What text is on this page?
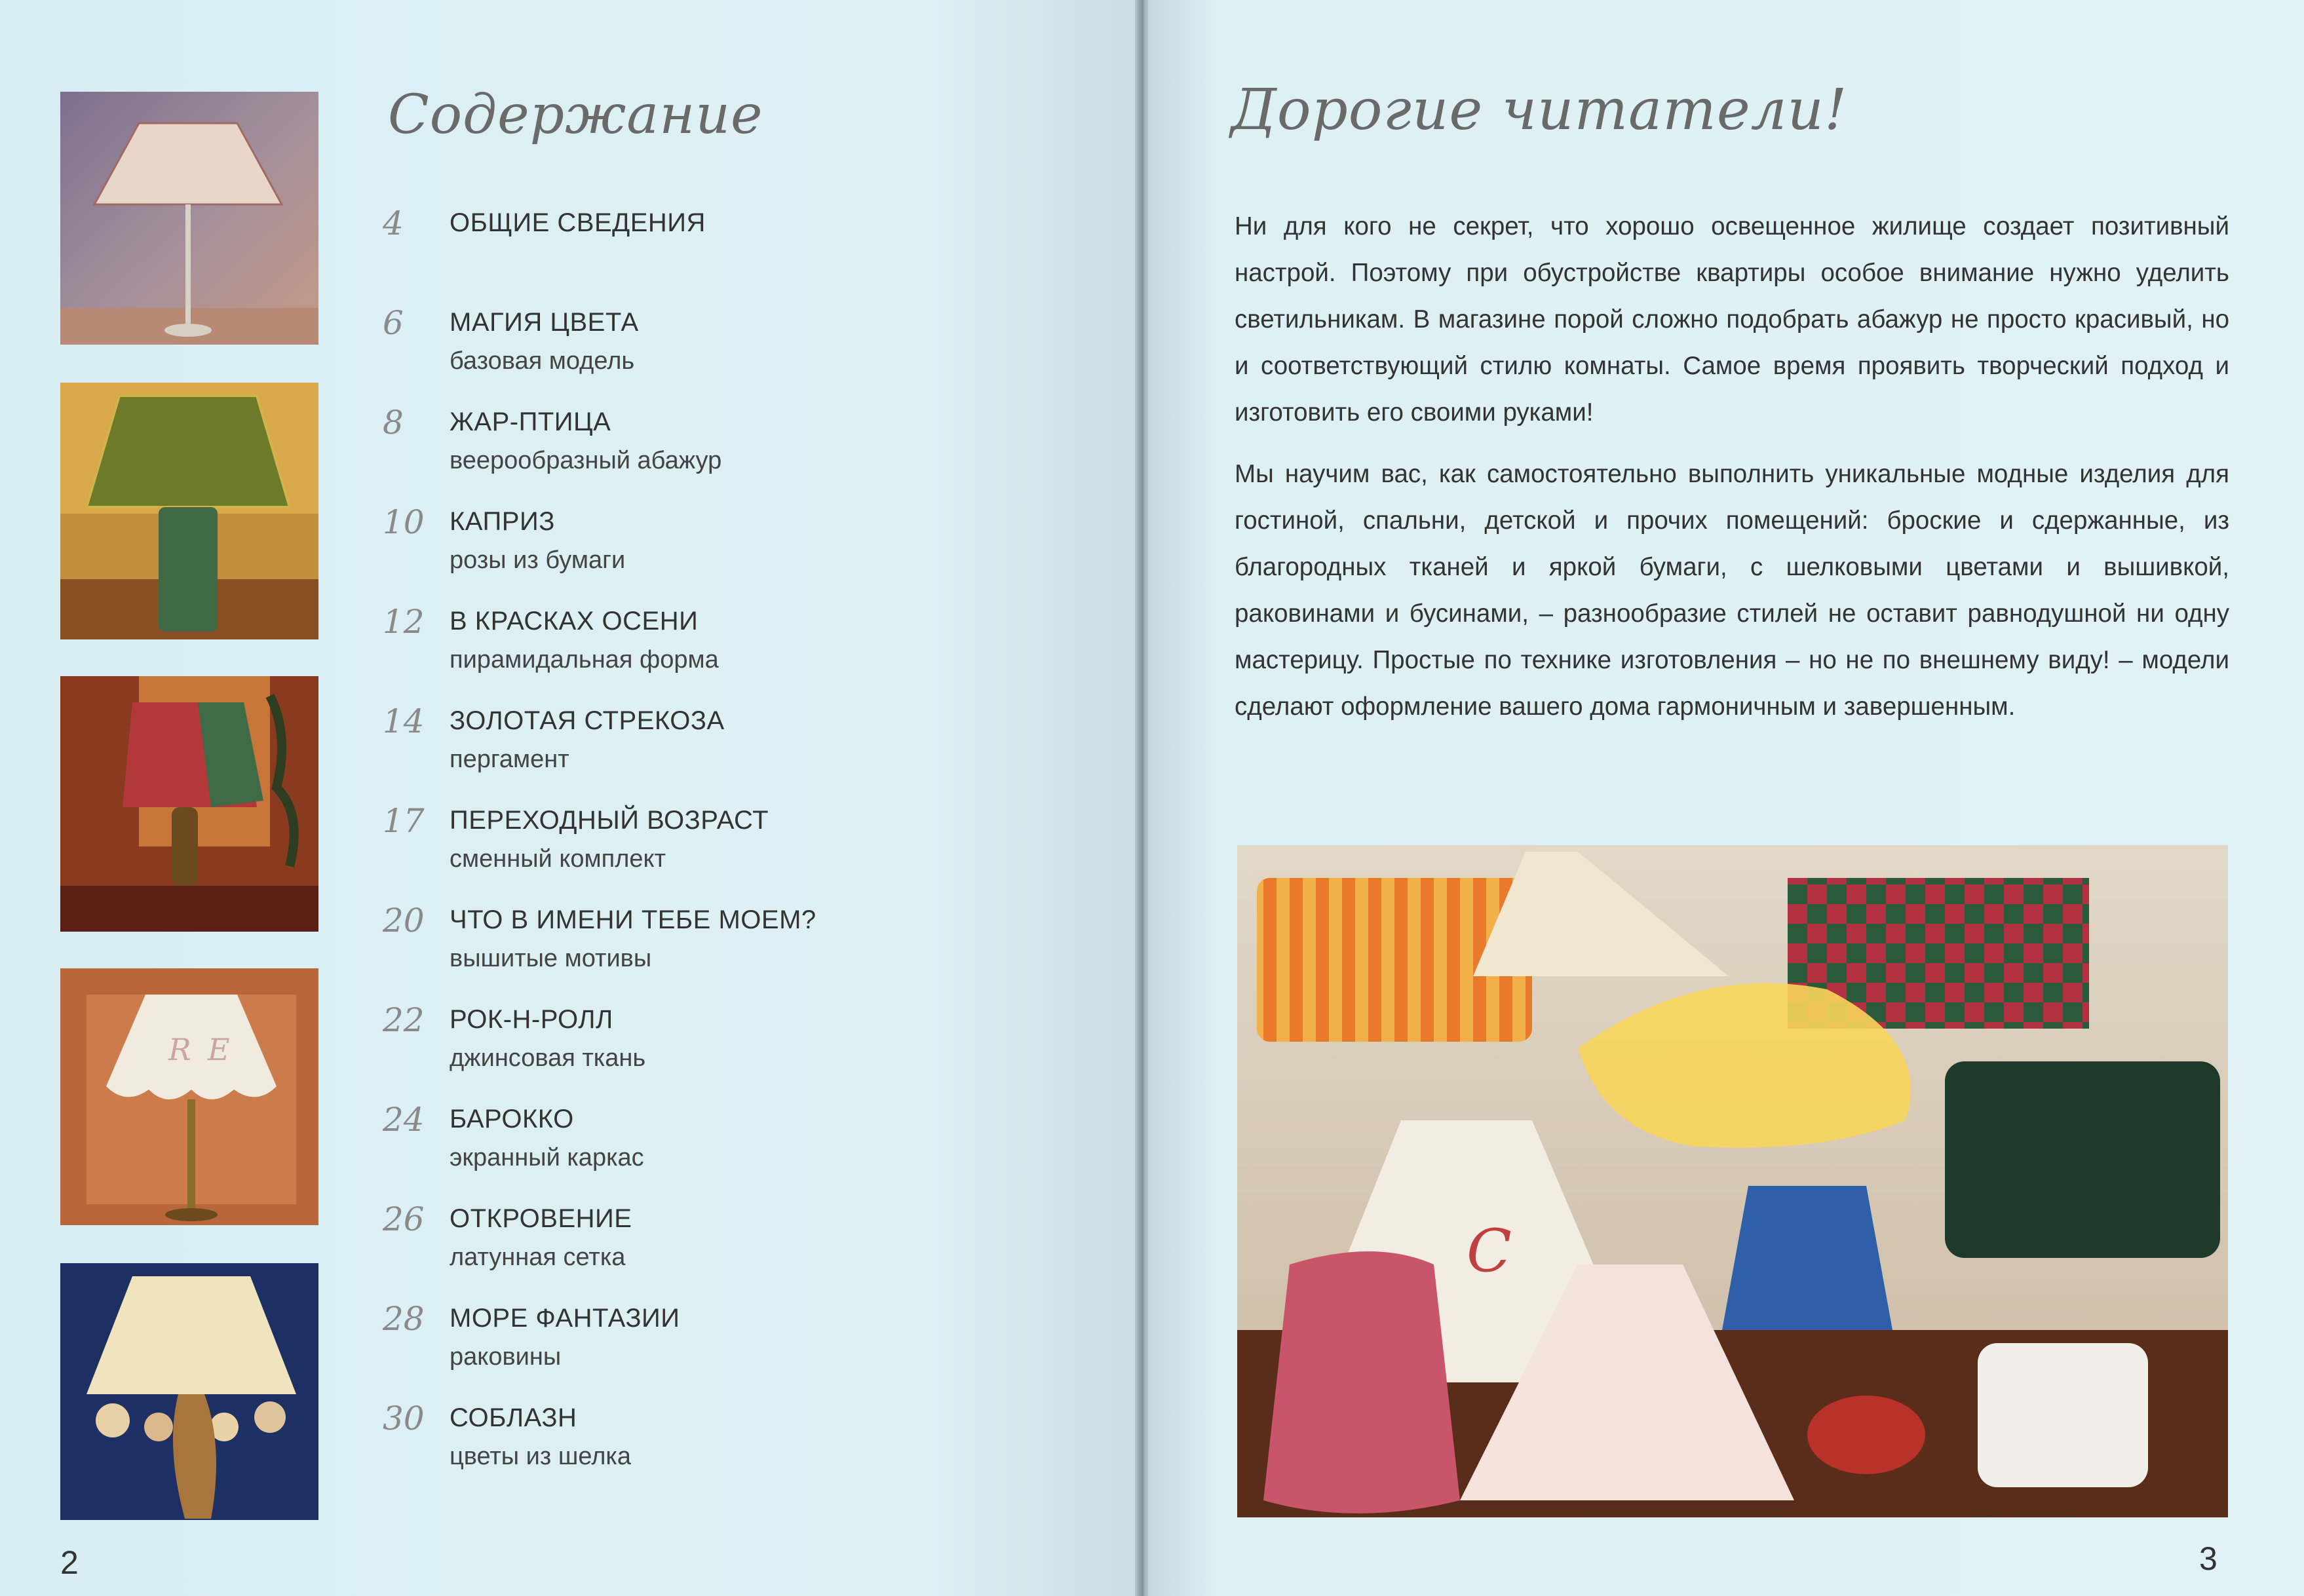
R E
Содержание
4	ОБЩИЕ СВЕДЕНИЯ
6	МАГИЯ ЦВЕТА
базовая модель
8	ЖАР-ПТИЦА
веерообразный абажур
10 КАПРИЗ
розы из бумаги
12 В КРАСКАХ ОСЕНИ
пирамидальная форма
14 ЗОЛОТАЯ СТРЕКОЗА
пергамент
17 ПЕРЕХОДНЫЙ ВОЗРАСТ
сменный комплект
20 ЧТО В ИМЕНИ ТЕБЕ МОЕМ?
вышитые мотивы
22 РОК-Н-РОЛЛ
джинсовая ткань
24 БАРОККО
экранный каркас
26 ОТКРОВЕНИЕ
латунная сетка
28 МОРЕ ФАНТАЗИИ
раковины
30 СОБЛАЗН
цветы из шелка
2
Дорогие читатели!
Ни для кого не секрет, что хорошо освещенное жилище создает позитивный настрой. Поэтому при обустройстве квартиры особое внимание нужно уделить светильникам. В магазине порой сложно подобрать абажур не просто красивый, но и соответствующий стилю комнаты. Самое время проявить творческий подход и изготовить его своими руками!
Мы научим вас, как самостоятельно выполнить уникальные модные изделия для гостиной, спальни, детской и прочих помещений: броские и сдержанные, из благородных тканей и яркой бумаги, с шелковыми цветами и вышивкой, раковинами и бусинами, – разнообразие стилей не оставит равнодушной ни одну мастерицу. Простые по технике изготовления – но не по внешнему виду! – модели сделают оформление вашего дома гармоничным и завершенным.
C
3
